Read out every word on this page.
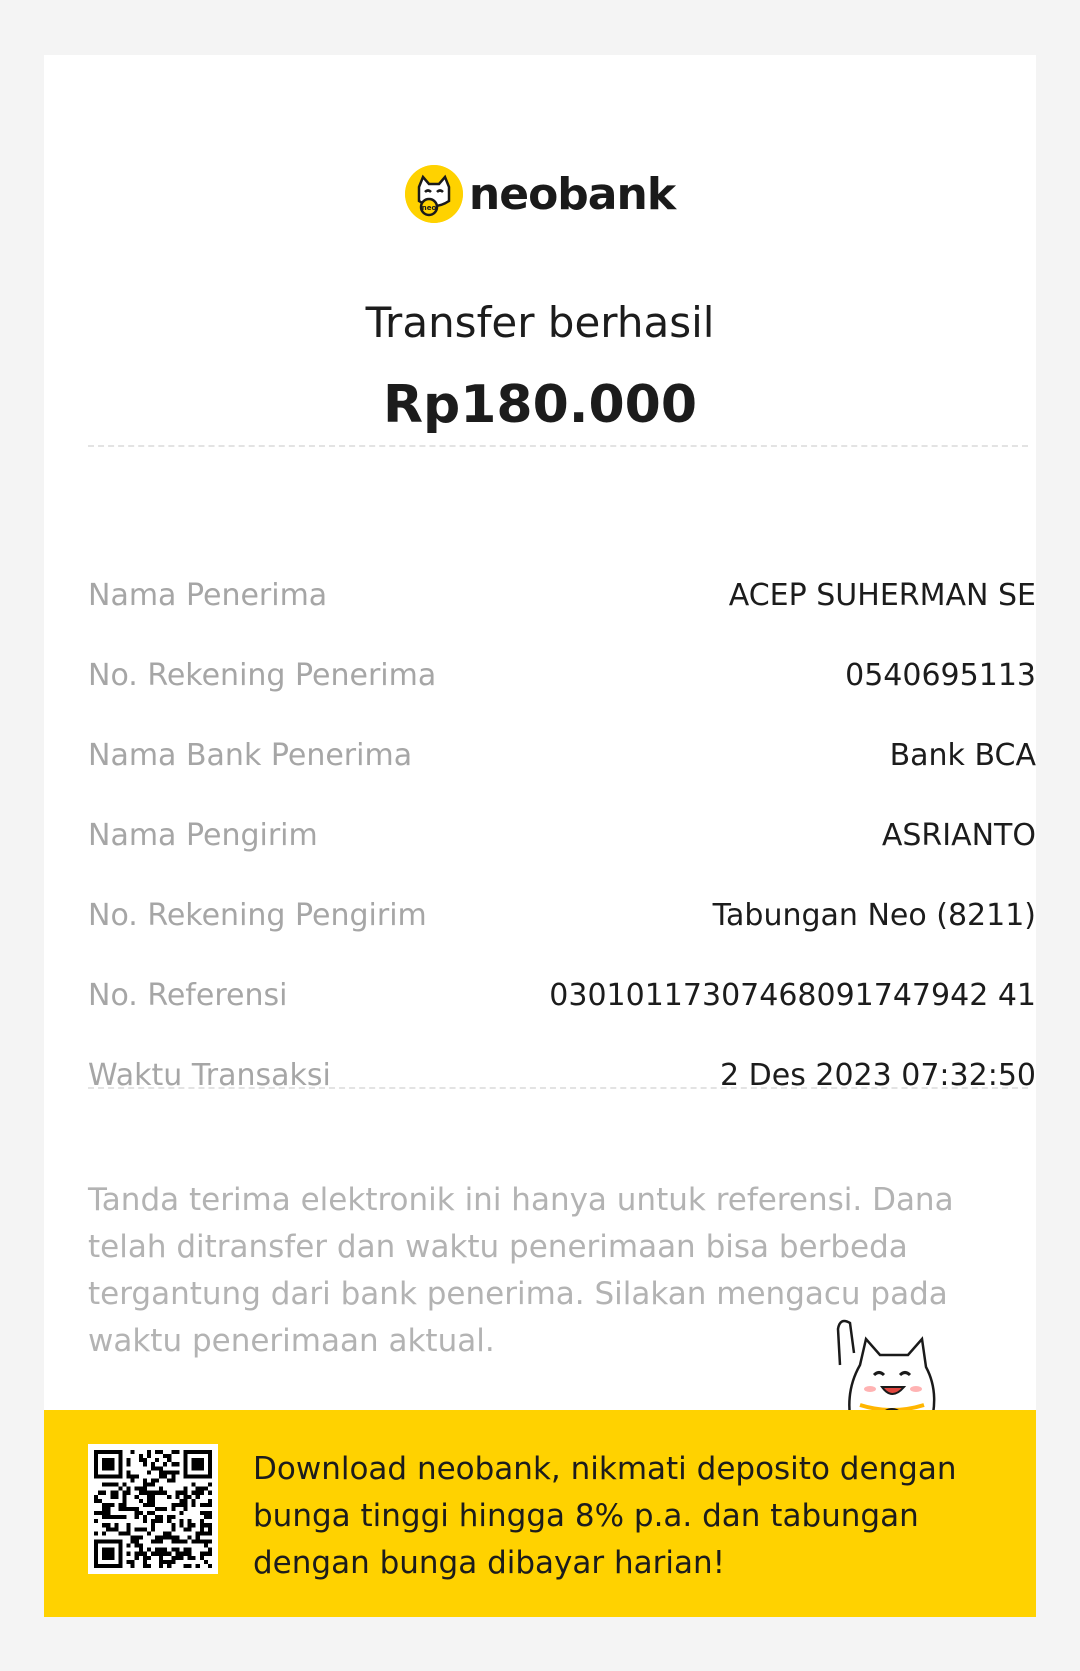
neo neobank
Transfer berhasil
Rp180.000
Nama Penerima	ACEP SUHERMAN SE
No. Rekening Penerima	0540695113
Nama Bank Penerima	Bank BCA
Nama Pengirim	ASRIANTO
No. Rekening Pengirim	Tabungan Neo (8211)
No. Referensi	03010117307468091747942 41
Waktu Transaksi	2 Des 2023 07:32:50
Tanda terima elektronik ini hanya untuk referensi. Dana telah ditransfer dan waktu penerimaan bisa berbeda tergantung dari bank penerima. Silakan mengacu pada waktu penerimaan aktual.
Download neobank, nikmati deposito dengan bunga tinggi hingga 8% p.a. dan tabungan dengan bunga dibayar harian!
